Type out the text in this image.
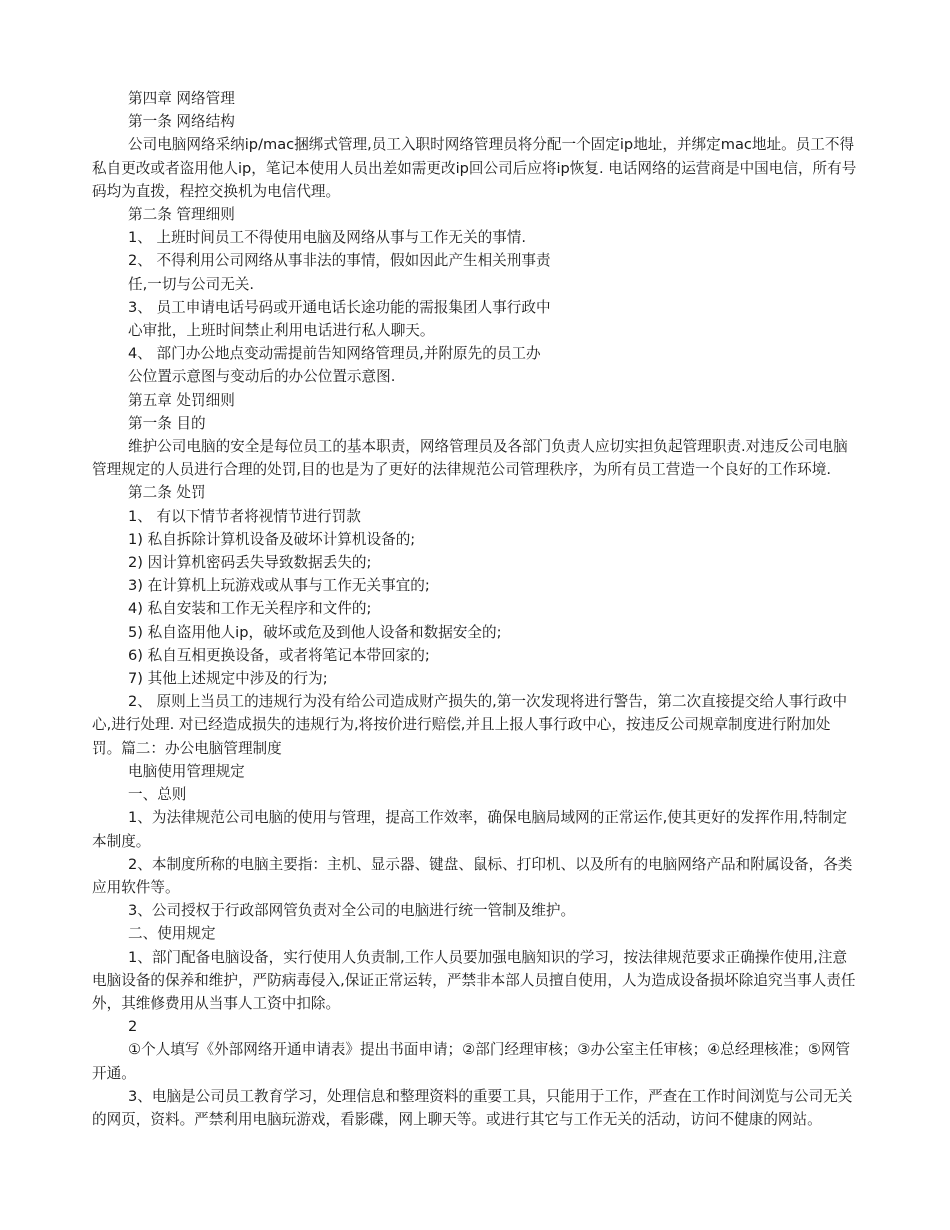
第四章 网络管理

第一条 网络结构

公司电脑网络采纳ip/mac捆绑式管理,员工入职时网络管理员将分配一个固定ip地址，并绑定mac地址。员工不得私自更改或者盗用他人ip，笔记本使用人员出差如需更改ip回公司后应将ip恢复. 电话网络的运营商是中国电信，所有号码均为直拨，程控交换机为电信代理。

第二条 管理细则

1、 上班时间员工不得使用电脑及网络从事与工作无关的事情.

2、 不得利用公司网络从事非法的事情，假如因此产生相关刑事责

任,一切与公司无关.

3、 员工申请电话号码或开通电话长途功能的需报集团人事行政中

心审批，上班时间禁止利用电话进行私人聊天。

4、 部门办公地点变动需提前告知网络管理员,并附原先的员工办

公位置示意图与变动后的办公位置示意图.

第五章 处罚细则

第一条 目的

维护公司电脑的安全是每位员工的基本职责，网络管理员及各部门负责人应切实担负起管理职责.对违反公司电脑管理规定的人员进行合理的处罚,目的也是为了更好的法律规范公司管理秩序，为所有员工营造一个良好的工作环境.

第二条 处罚

1、 有以下情节者将视情节进行罚款

1) 私自拆除计算机设备及破坏计算机设备的;

2) 因计算机密码丢失导致数据丢失的;

3) 在计算机上玩游戏或从事与工作无关事宜的;

4) 私自安装和工作无关程序和文件的;

5) 私自盗用他人ip，破坏或危及到他人设备和数据安全的;

6) 私自互相更换设备，或者将笔记本带回家的;

7) 其他上述规定中涉及的行为;

2、 原则上当员工的违规行为没有给公司造成财产损失的,第一次发现将进行警告，第二次直接提交给人事行政中心,进行处理. 对已经造成损失的违规行为,将按价进行赔偿,并且上报人事行政中心，按违反公司规章制度进行附加处罚。篇二：办公电脑管理制度

电脑使用管理规定

一、总则

1、为法律规范公司电脑的使用与管理，提高工作效率，确保电脑局域网的正常运作,使其更好的发挥作用,特制定本制度。

2、本制度所称的电脑主要指：主机、显示器、键盘、鼠标、打印机、以及所有的电脑网络产品和附属设备，各类应用软件等。

3、公司授权于行政部网管负责对全公司的电脑进行统一管制及维护。

二、使用规定

1、部门配备电脑设备，实行使用人负责制,工作人员要加强电脑知识的学习，按法律规范要求正确操作使用,注意电脑设备的保养和维护，严防病毒侵入,保证正常运转，严禁非本部人员擅自使用，人为造成设备损坏除追究当事人责任外，其维修费用从当事人工资中扣除。

2

①个人填写《外部网络开通申请表》提出书面申请；②部门经理审核；③办公室主任审核；④总经理核准；⑤网管开通。

3、电脑是公司员工教育学习，处理信息和整理资料的重要工具，只能用于工作，严查在工作时间浏览与公司无关的网页，资料。严禁利用电脑玩游戏，看影碟，网上聊天等。或进行其它与工作无关的活动，访问不健康的网站。
